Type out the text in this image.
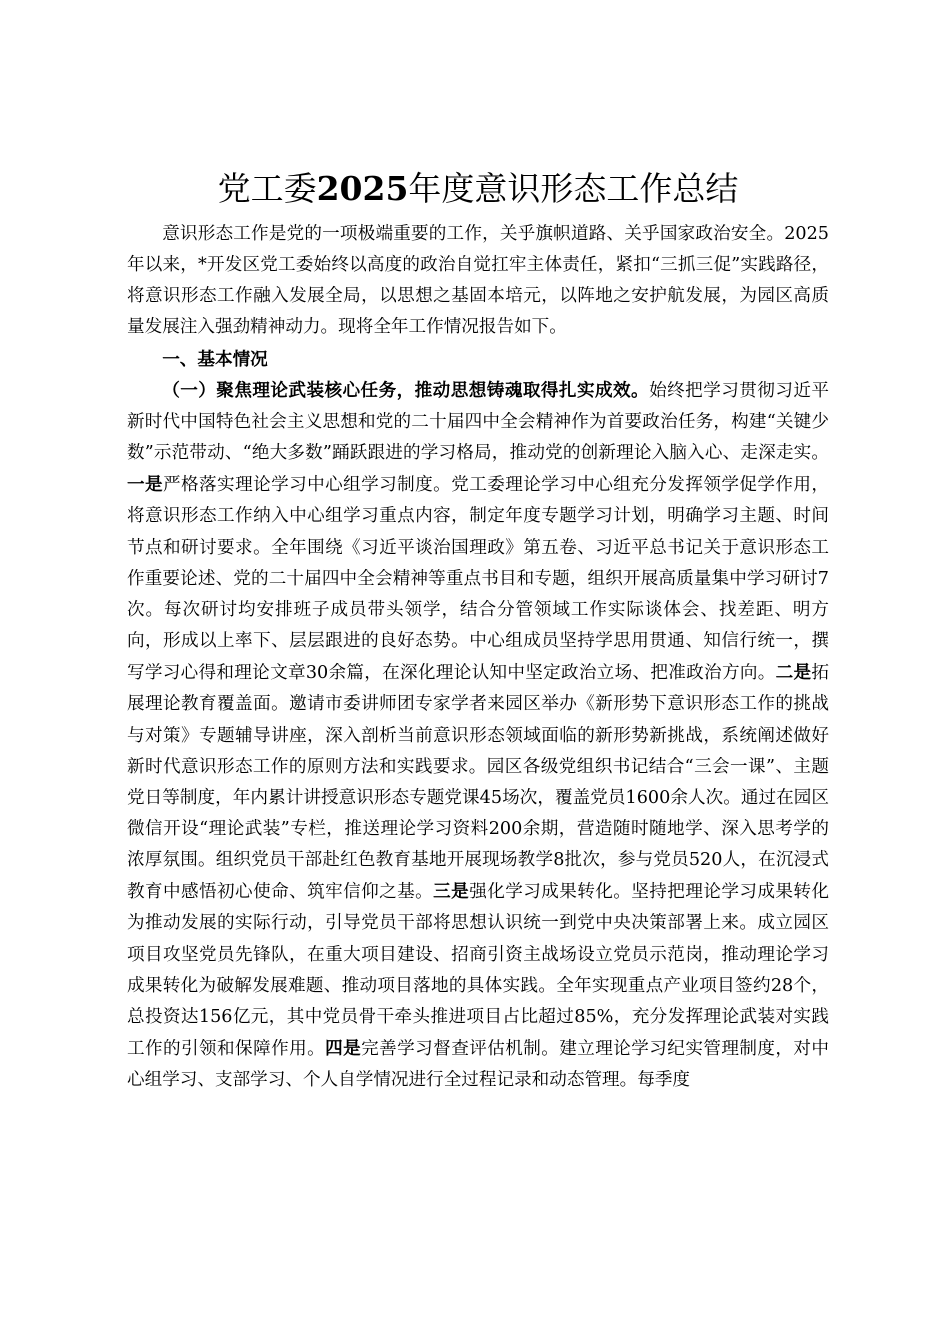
党工委2025年度意识形态工作总结

意识形态工作是党的一项极端重要的工作，关乎旗帜道路、关乎国家政治安全。2025年以来，*开发区党工委始终以高度的政治自觉扛牢主体责任，紧扣“三抓三促”实践路径，将意识形态工作融入发展全局，以思想之基固本培元，以阵地之安护航发展，为园区高质量发展注入强劲精神动力。现将全年工作情况报告如下。

一、基本情况

（一）聚焦理论武装核心任务，推动思想铸魂取得扎实成效。始终把学习贯彻习近平新时代中国特色社会主义思想和党的二十届四中全会精神作为首要政治任务，构建“关键少数”示范带动、“绝大多数”踊跃跟进的学习格局，推动党的创新理论入脑入心、走深走实。一是严格落实理论学习中心组学习制度。党工委理论学习中心组充分发挥领学促学作用，将意识形态工作纳入中心组学习重点内容，制定年度专题学习计划，明确学习主题、时间节点和研讨要求。全年围绕《习近平谈治国理政》第五卷、习近平总书记关于意识形态工作重要论述、党的二十届四中全会精神等重点书目和专题，组织开展高质量集中学习研讨7次。每次研讨均安排班子成员带头领学，结合分管领域工作实际谈体会、找差距、明方向，形成以上率下、层层跟进的良好态势。中心组成员坚持学思用贯通、知信行统一，撰写学习心得和理论文章30余篇，在深化理论认知中坚定政治立场、把准政治方向。二是拓展理论教育覆盖面。邀请市委讲师团专家学者来园区举办《新形势下意识形态工作的挑战与对策》专题辅导讲座，深入剖析当前意识形态领域面临的新形势新挑战，系统阐述做好新时代意识形态工作的原则方法和实践要求。园区各级党组织书记结合“三会一课”、主题党日等制度，年内累计讲授意识形态专题党课45场次，覆盖党员1600余人次。通过在园区微信开设“理论武装”专栏，推送理论学习资料200余期，营造随时随地学、深入思考学的浓厚氛围。组织党员干部赴红色教育基地开展现场教学8批次，参与党员520人，在沉浸式教育中感悟初心使命、筑牢信仰之基。三是强化学习成果转化。坚持把理论学习成果转化为推动发展的实际行动，引导党员干部将思想认识统一到党中央决策部署上来。成立园区项目攻坚党员先锋队，在重大项目建设、招商引资主战场设立党员示范岗，推动理论学习成果转化为破解发展难题、推动项目落地的具体实践。全年实现重点产业项目签约28个，总投资达156亿元，其中党员骨干牵头推进项目占比超过85%，充分发挥理论武装对实践工作的引领和保障作用。四是完善学习督查评估机制。建立理论学习纪实管理制度，对中心组学习、支部学习、个人自学情况进行全过程记录和动态管理。每季度
